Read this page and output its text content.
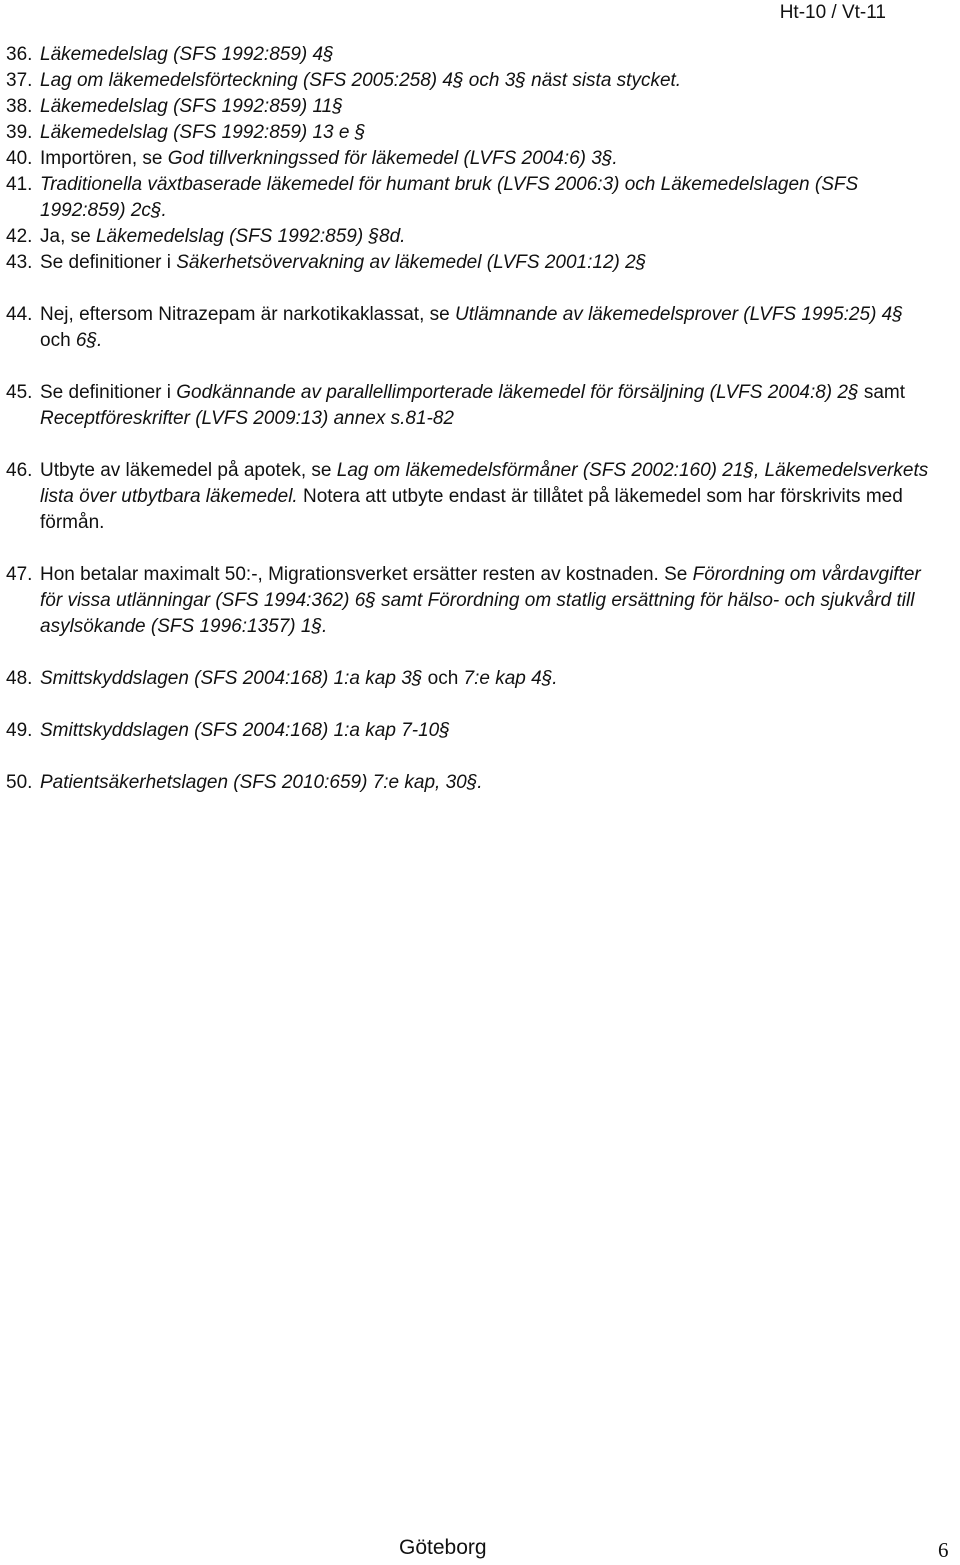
Ht-10 / Vt-11
36. Läkemedelslag (SFS 1992:859) 4§
37. Lag om läkemedelsförteckning (SFS 2005:258) 4§ och 3§ näst sista stycket.
38. Läkemedelslag (SFS 1992:859) 11§
39. Läkemedelslag (SFS 1992:859) 13 e §
40. Importören, se God tillverkningssed för läkemedel (LVFS 2004:6) 3§.
41. Traditionella växtbaserade läkemedel för humant bruk (LVFS 2006:3) och Läkemedelslagen (SFS 1992:859) 2c§.
42. Ja, se Läkemedelslag (SFS 1992:859) §8d.
43. Se definitioner i Säkerhetsövervakning av läkemedel (LVFS 2001:12) 2§
44. Nej, eftersom Nitrazepam är narkotikaklassat, se Utlämnande av läkemedelsprover (LVFS 1995:25) 4§ och 6§.
45. Se definitioner i Godkännande av parallellimporterade läkemedel för försäljning (LVFS 2004:8) 2§ samt Receptföreskrifter (LVFS 2009:13) annex s.81-82
46. Utbyte av läkemedel på apotek, se Lag om läkemedelsförmåner (SFS 2002:160) 21§, Läkemedelsverkets lista över utbytbara läkemedel. Notera att utbyte endast är tillåtet på läkemedel som har förskrivits med förmån.
47. Hon betalar maximalt 50:-, Migrationsverket ersätter resten av kostnaden. Se Förordning om vårdavgifter för vissa utlänningar (SFS 1994:362) 6§ samt Förordning om statlig ersättning för hälso- och sjukvård till asylsökande (SFS 1996:1357) 1§.
48. Smittskyddslagen (SFS 2004:168) 1:a kap 3§ och 7:e kap 4§.
49. Smittskyddslagen (SFS 2004:168) 1:a kap 7-10§
50. Patientsäkerhetslagen (SFS 2010:659) 7:e kap, 30§.
Göteborg	6
